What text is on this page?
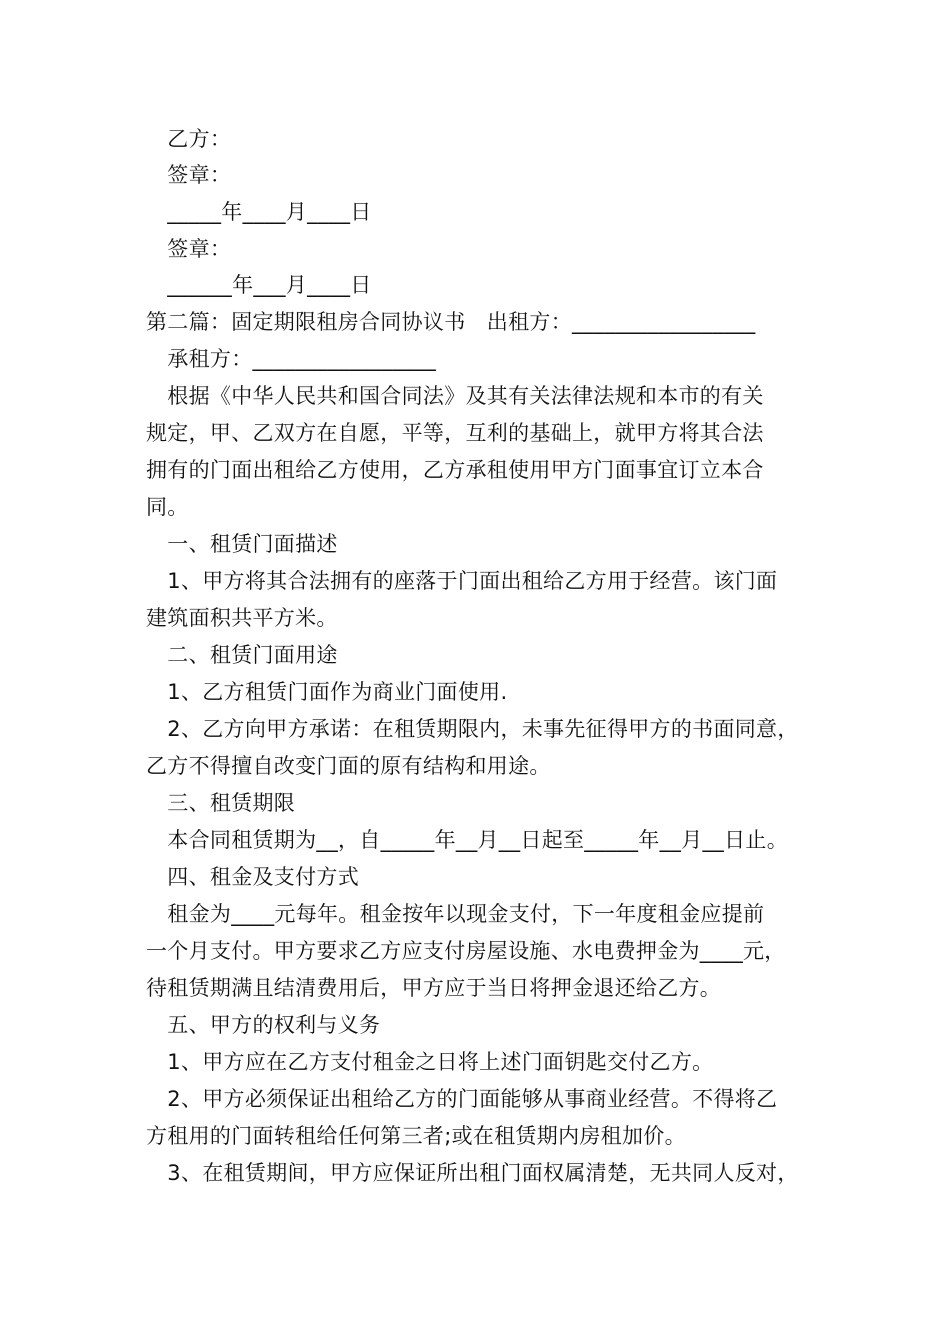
　乙方：
　签章：
　_____年____月____日
　签章：
　______年___月____日
第二篇：固定期限租房合同协议书　出租方：_________________
　承租方：_________________
　根据《中华人民共和国合同法》及其有关法律法规和本市的有关
规定，甲、乙双方在自愿，平等，互利的基础上，就甲方将其合法
拥有的门面出租给乙方使用，乙方承租使用甲方门面事宜订立本合
同。
　一、租赁门面描述
　1、甲方将其合法拥有的座落于门面出租给乙方用于经营。该门面
建筑面积共平方米。
　二、租赁门面用途
　1、乙方租赁门面作为商业门面使用.
　2、乙方向甲方承诺：在租赁期限内，未事先征得甲方的书面同意，
乙方不得擅自改变门面的原有结构和用途。
　三、租赁期限
　本合同租赁期为__，自_____年__月__日起至_____年__月__日止。
　四、租金及支付方式
　租金为____元每年。租金按年以现金支付，下一年度租金应提前
一个月支付。甲方要求乙方应支付房屋设施、水电费押金为____元，
待租赁期满且结清费用后，甲方应于当日将押金退还给乙方。
　五、甲方的权利与义务
　1、甲方应在乙方支付租金之日将上述门面钥匙交付乙方。
　2、甲方必须保证出租给乙方的门面能够从事商业经营。不得将乙
方租用的门面转租给任何第三者;或在租赁期内房租加价。
　3、在租赁期间，甲方应保证所出租门面权属清楚，无共同人反对，
